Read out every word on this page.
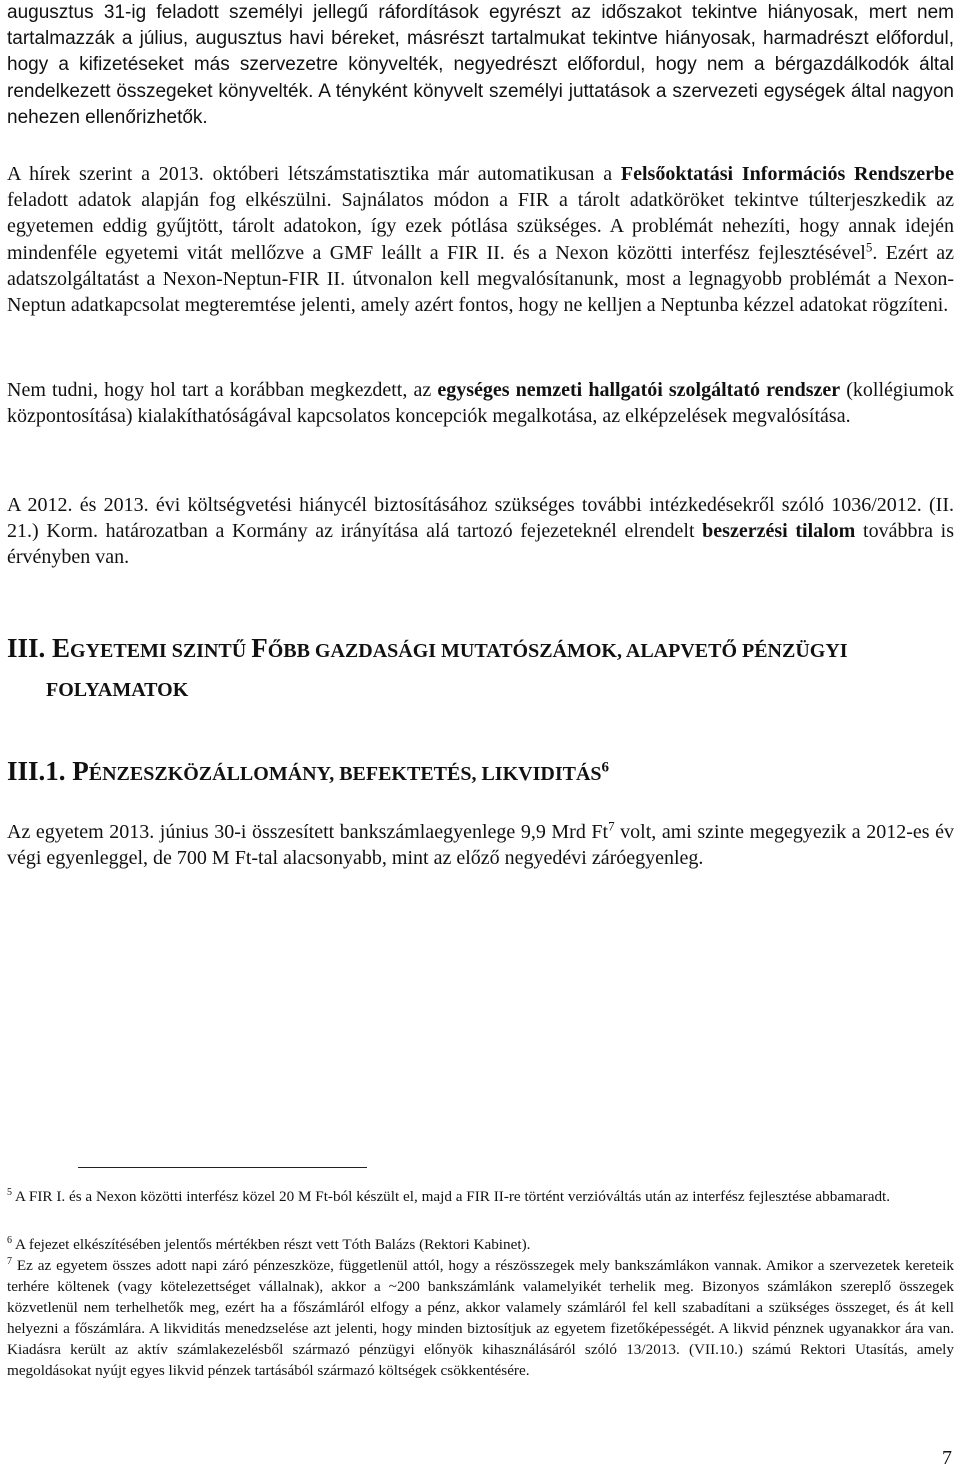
augusztus 31-ig feladott személyi jellegű ráfordítások egyrészt az időszakot tekintve hiányosak, mert nem tartalmazzák a július, augusztus havi béreket, másrészt tartalmukat tekintve hiányosak, harmadrészt előfordul, hogy a kifizetéseket más szervezetre könyvelték, negyedrészt előfordul, hogy nem a bérgazdálkodók által rendelkezett összegeket könyvelték. A tényként könyvelt személyi juttatások a szervezeti egységek által nagyon nehezen ellenőrizhetők.

A hírek szerint a 2013. októberi létszámstatisztika már automatikusan a Felsőoktatási Információs Rendszerbe feladott adatok alapján fog elkészülni. Sajnálatos módon a FIR a tárolt adatköröket tekintve túlterjeszkedik az egyetemen eddig gyűjtött, tárolt adatokon, így ezek pótlása szükséges. A problémát nehezíti, hogy annak idején mindenféle egyetemi vitát mellőzve a GMF leállt a FIR II. és a Nexon közötti interfész fejlesztésével$^5$. Ezért az adatszolgáltatást a Nexon-Neptun-FIR II. útvonalon kell megvalósítanunk, most a legnagyobb problémát a Nexon-Neptun adatkapcsolat megteremtése jelenti, amely azért fontos, hogy ne kelljen a Neptunba kézzel adatokat rögzíteni.

Nem tudni, hogy hol tart a korábban megkezdett, az egységes nemzeti hallgatói szolgáltató rendszer (kollégiumok központosítása) kialakíthatóságával kapcsolatos koncepciók megalkotása, az elképzelések megvalósítása.

A 2012. és 2013. évi költségvetési hiánycél biztosításához szükséges további intézkedésekről szóló 1036/2012. (II. 21.) Korm. határozatban a Kormány az irányítása alá tartozó fejezeteknél elrendelt beszerzési tilalom továbbra is érvényben van.

III. EGYETEMI SZINTŰ FŐBB GAZDASÁGI MUTATÓSZÁMOK, ALAPVETŐ PÉNZÜGYI
FOLYAMATOK
III.1. PÉNZESZKÖZÁLLOMÁNY, BEFEKTETÉS, LIKVIDITÁS$^6$

Az egyetem 2013. június 30-i összesített bankszámlaegyenlege 9,9 Mrd Ft$^7$ volt, ami szinte megegyezik a 2012-es év végi egyenleggel, de 700 M Ft-tal alacsonyabb, mint az előző negyedévi záróegyenleg.

$^5$ A FIR I. és a Nexon közötti interfész közel 20 M Ft-ból készült el, majd a FIR II-re történt verzióváltás után az interfész fejlesztése abbamaradt.

$^6$ A fejezet elkészítésében jelentős mértékben részt vett Tóth Balázs (Rektori Kabinet).

$^7$ Ez az egyetem összes adott napi záró pénzeszköze, függetlenül attól, hogy a részösszegek mely bankszámlákon vannak. Amikor a szervezetek kereteik terhére költenek (vagy kötelezettséget vállalnak), akkor a ~200 bankszámlánk valamelyikét terhelik meg. Bizonyos számlákon szereplő összegek közvetlenül nem terhelhetők meg, ezért ha a főszámláról elfogy a pénz, akkor valamely számláról fel kell szabadítani a szükséges összeget, és át kell helyezni a főszámlára. A likviditás menedzselése azt jelenti, hogy minden biztosítjuk az egyetem fizetőképességét. A likvid pénznek ugyanakkor ára van. Kiadásra került az aktív számlakezelésből származó pénzügyi előnyök kihasználásáról szóló 13/2013. (VII.10.) számú Rektori Utasítás, amely megoldásokat nyújt egyes likvid pénzek tartásából származó költségek csökkentésére.

7
